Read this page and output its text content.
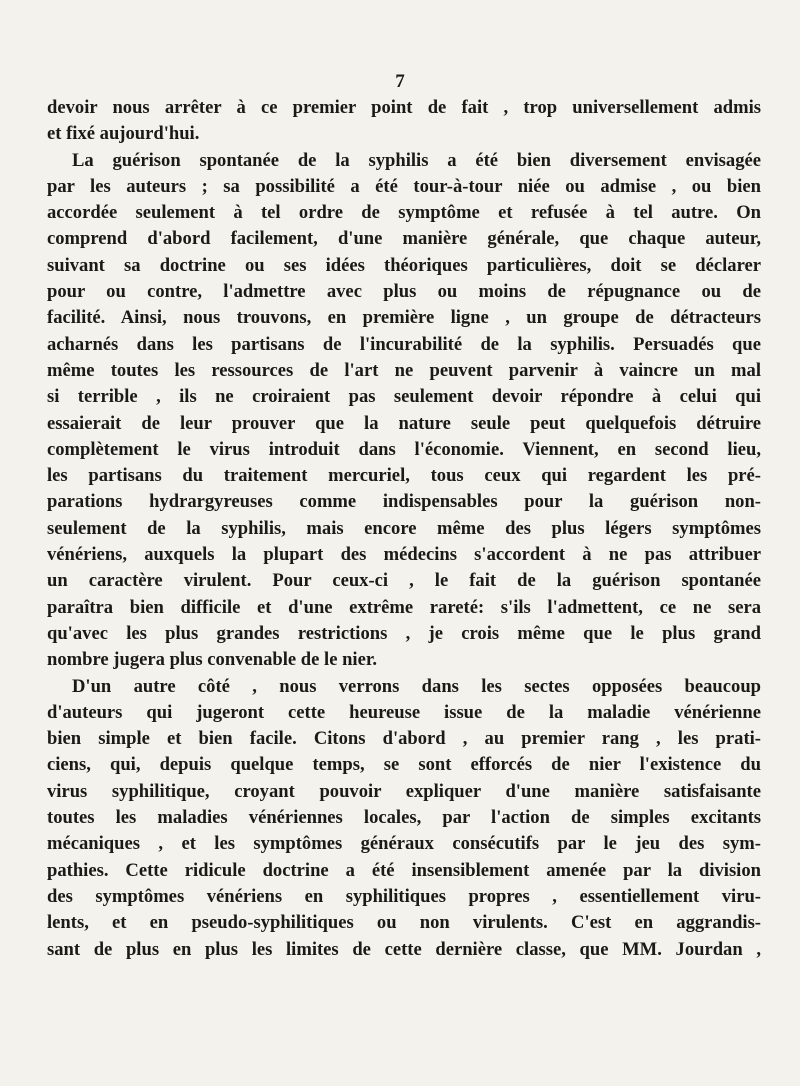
7
devoir nous arrêter à ce premier point de fait , trop universellement admis
et fixé aujourd'hui.
La guérison spontanée de la syphilis a été bien diversement envisagée
par les auteurs ; sa possibilité a été tour-à-tour niée ou admise , ou bien
accordée seulement à tel ordre de symptôme et refusée à tel autre. On
comprend d'abord facilement, d'une manière générale, que chaque auteur,
suivant sa doctrine ou ses idées théoriques particulières, doit se déclarer
pour ou contre, l'admettre avec plus ou moins de répugnance ou de
facilité. Ainsi, nous trouvons, en première ligne , un groupe de détracteurs
acharnés dans les partisans de l'incurabilité de la syphilis. Persuadés que
même toutes les ressources de l'art ne peuvent parvenir à vaincre un mal
si terrible , ils ne croiraient pas seulement devoir répondre à celui qui
essaierait de leur prouver que la nature seule peut quelquefois détruire
complètement le virus introduit dans l'économie. Viennent, en second lieu,
les partisans du traitement mercuriel, tous ceux qui regardent les pré-
parations hydrargyreuses comme indispensables pour la guérison non-
seulement de la syphilis, mais encore même des plus légers symptômes
vénériens, auxquels la plupart des médecins s'accordent à ne pas attribuer
un caractère virulent. Pour ceux-ci , le fait de la guérison spontanée
paraîtra bien difficile et d'une extrême rareté: s'ils l'admettent, ce ne sera
qu'avec les plus grandes restrictions , je crois même que le plus grand
nombre jugera plus convenable de le nier.
D'un autre côté , nous verrons dans les sectes opposées beaucoup
d'auteurs qui jugeront cette heureuse issue de la maladie vénérienne
bien simple et bien facile. Citons d'abord , au premier rang , les prati-
ciens, qui, depuis quelque temps, se sont efforcés de nier l'existence du
virus syphilitique, croyant pouvoir expliquer d'une manière satisfaisante
toutes les maladies vénériennes locales, par l'action de simples excitants
mécaniques , et les symptômes généraux consécutifs par le jeu des sym-
pathies. Cette ridicule doctrine a été insensiblement amenée par la division
des symptômes vénériens en syphilitiques propres , essentiellement viru-
lents, et en pseudo-syphilitiques ou non virulents. C'est en aggrandis-
sant de plus en plus les limites de cette dernière classe, que MM. Jourdan ,
